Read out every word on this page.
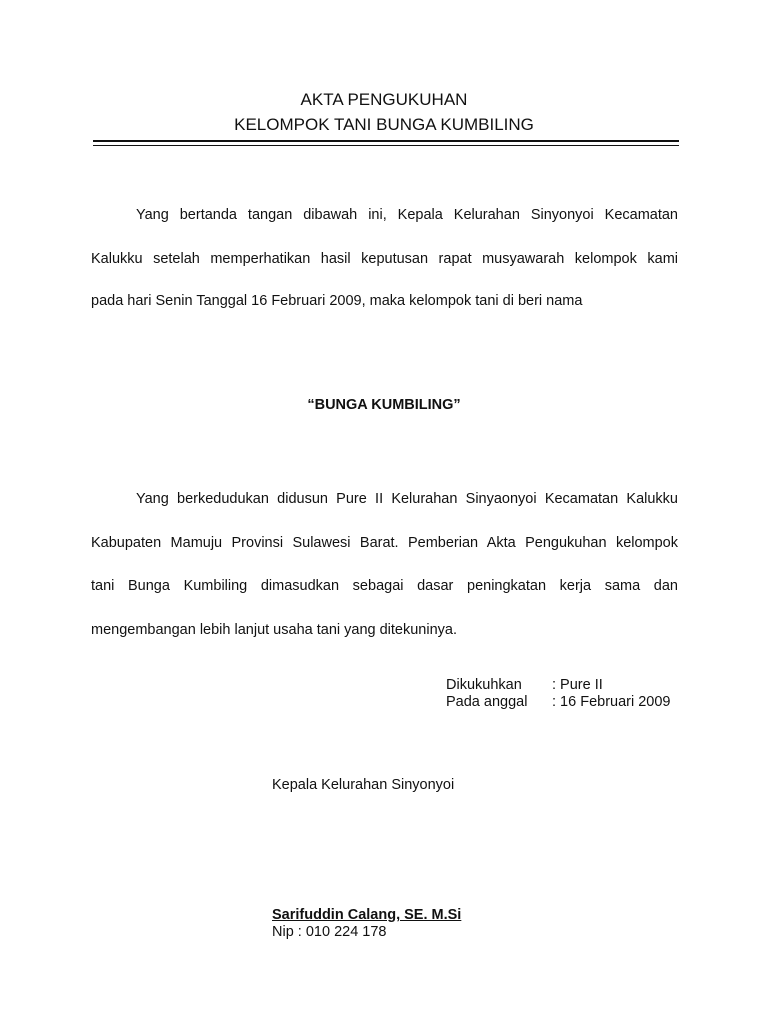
AKTA PENGUKUHAN
KELOMPOK TANI BUNGA KUMBILING
Yang bertanda tangan dibawah ini, Kepala Kelurahan Sinyonyoi Kecamatan
Kalukku setelah memperhatikan hasil keputusan rapat musyawarah kelompok kami
pada hari Senin Tanggal 16 Februari 2009, maka kelompok tani di beri nama
“BUNGA KUMBILING”
Yang berkedudukan didusun Pure II Kelurahan Sinyaonyoi Kecamatan Kalukku
Kabupaten Mamuju Provinsi Sulawesi Barat. Pemberian Akta Pengukuhan kelompok
tani Bunga Kumbiling dimasudkan sebagai dasar peningkatan kerja sama dan
mengembangan lebih lanjut usaha tani yang ditekuninya.
Dikukuhkan : Pure II
Pada anggal : 16 Februari 2009
Kepala Kelurahan Sinyonyoi
Sarifuddin Calang, SE. M.Si
Nip : 010 224 178
